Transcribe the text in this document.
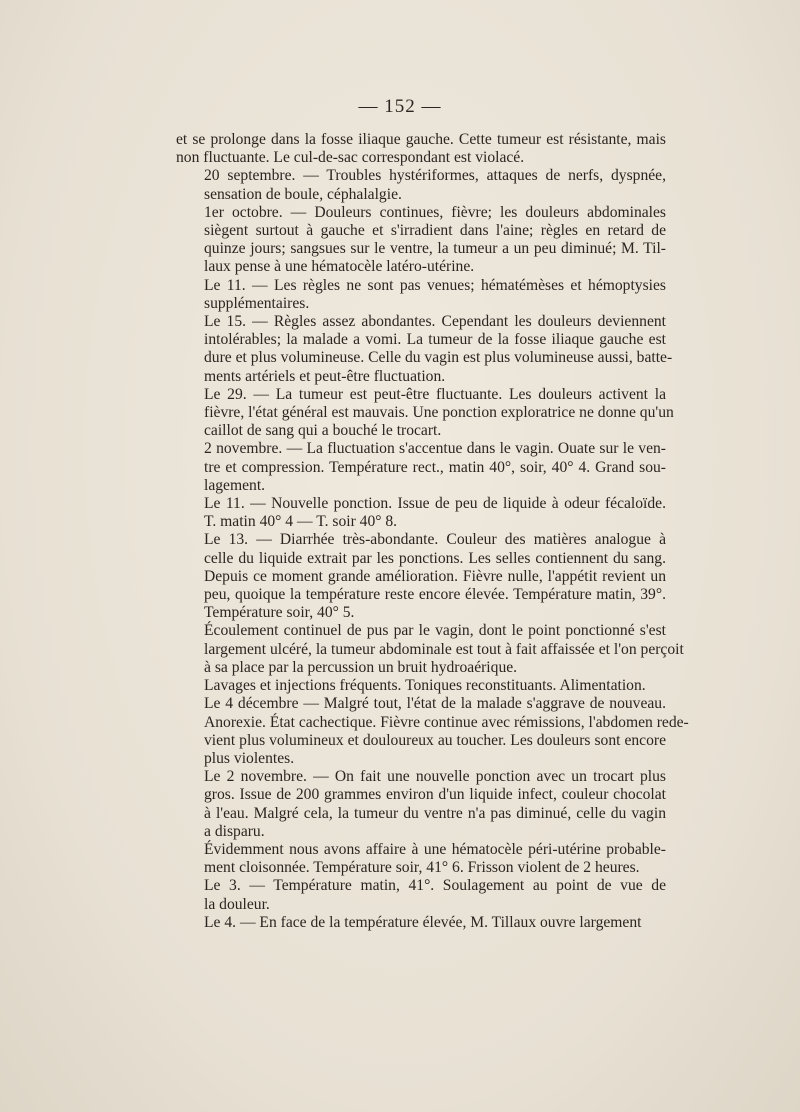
— 152 —
et se prolonge dans la fosse iliaque gauche. Cette tumeur est résistante, mais
non fluctuante. Le cul-de-sac correspondant est violacé.
20 septembre. — Troubles hystériformes, attaques de nerfs, dyspnée,
sensation de boule, céphalalgie.
1er octobre. — Douleurs continues, fièvre; les douleurs abdominales
siègent surtout à gauche et s'irradient dans l'aine; règles en retard de
quinze jours; sangsues sur le ventre, la tumeur a un peu diminué; M. Til-
laux pense à une hématocèle latéro-utérine.
Le 11. — Les règles ne sont pas venues; hématémèses et hémoptysies
supplémentaires.
Le 15. — Règles assez abondantes. Cependant les douleurs deviennent
intolérables; la malade a vomi. La tumeur de la fosse iliaque gauche est
dure et plus volumineuse. Celle du vagin est plus volumineuse aussi, batte-
ments artériels et peut-être fluctuation.
Le 29. — La tumeur est peut-être fluctuante. Les douleurs activent la
fièvre, l'état général est mauvais. Une ponction exploratrice ne donne qu'un
caillot de sang qui a bouché le trocart.
2 novembre. — La fluctuation s'accentue dans le vagin. Ouate sur le ven-
tre et compression. Température rect., matin 40°, soir, 40° 4. Grand sou-
lagement.
Le 11. — Nouvelle ponction. Issue de peu de liquide à odeur fécaloïde.
T. matin 40° 4 — T. soir 40° 8.
Le 13. — Diarrhée très-abondante. Couleur des matières analogue à
celle du liquide extrait par les ponctions. Les selles contiennent du sang.
Depuis ce moment grande amélioration. Fièvre nulle, l'appétit revient un
peu, quoique la température reste encore élevée. Température matin, 39°.
Température soir, 40° 5.
Écoulement continuel de pus par le vagin, dont le point ponctionné s'est
largement ulcéré, la tumeur abdominale est tout à fait affaissée et l'on perçoit
à sa place par la percussion un bruit hydroaérique.
Lavages et injections fréquents. Toniques reconstituants. Alimentation.
Le 4 décembre — Malgré tout, l'état de la malade s'aggrave de nouveau.
Anorexie. État cachectique. Fièvre continue avec rémissions, l'abdomen rede-
vient plus volumineux et douloureux au toucher. Les douleurs sont encore
plus violentes.
Le 2 novembre. — On fait une nouvelle ponction avec un trocart plus
gros. Issue de 200 grammes environ d'un liquide infect, couleur chocolat
à l'eau. Malgré cela, la tumeur du ventre n'a pas diminué, celle du vagin
a disparu.
Évidemment nous avons affaire à une hématocèle péri-utérine probable-
ment cloisonnée. Température soir, 41° 6. Frisson violent de 2 heures.
Le 3. — Température matin, 41°. Soulagement au point de vue de
la douleur.
Le 4. — En face de la température élevée, M. Tillaux ouvre largement
